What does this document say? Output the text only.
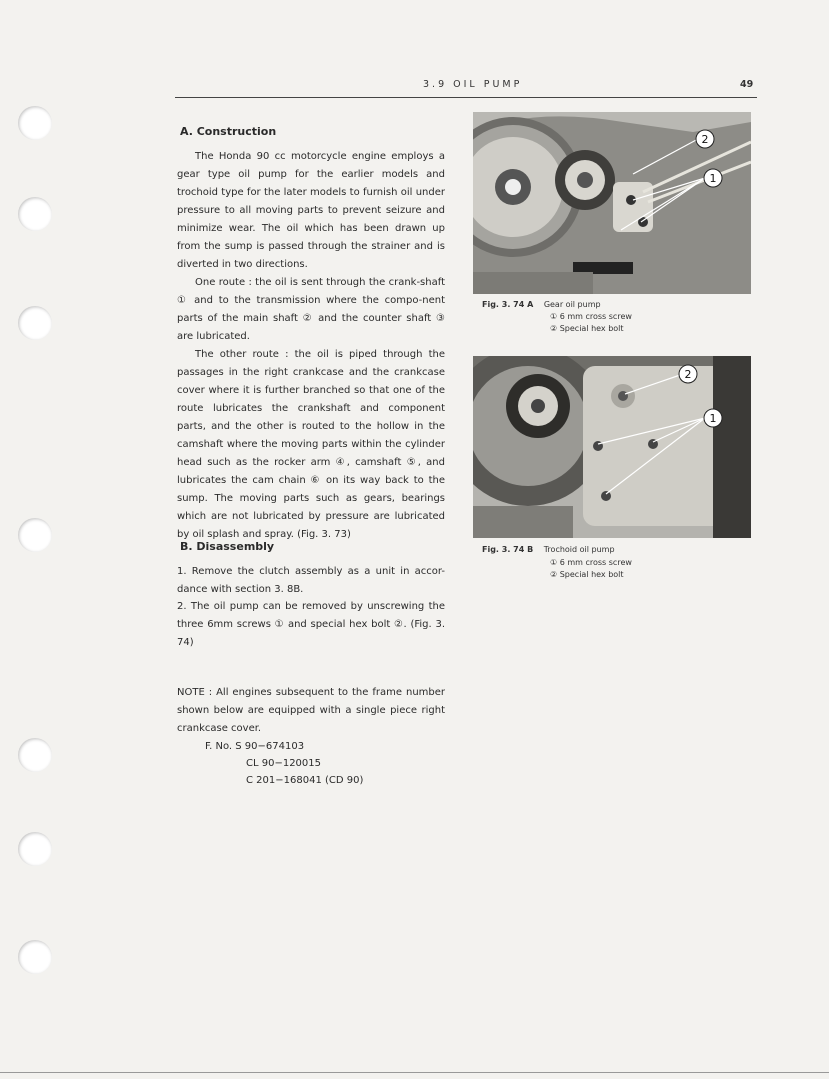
3.9 OIL PUMP	49
A. Construction

The Honda 90 cc motorcycle engine employs a gear type oil pump for the earlier models and trochoid type for the later models to furnish oil under pressure to all moving parts to prevent seizure and minimize wear. The oil which has been drawn up from the sump is passed through the strainer and is diverted in two directions.

One route : the oil is sent through the crank-shaft ① and to the transmission where the compo-nent parts of the main shaft ② and the counter shaft ③ are lubricated.

The other route : the oil is piped through the passages in the right crankcase and the crankcase cover where it is further branched so that one of the route lubricates the crankshaft and component parts, and the other is routed to the hollow in the camshaft where the moving parts within the cylinder head such as the rocker arm ④, camshaft ⑤, and lubricates the cam chain ⑥ on its way back to the sump. The moving parts such as gears, bearings which are not lubricated by pressure are lubricated by oil splash and spray. (Fig. 3. 73)

B. Disassembly
1. Remove the clutch assembly as a unit in accor-dance with section 3. 8B.
2. The oil pump can be removed by unscrewing the three 6mm screws ① and special hex bolt ②. (Fig. 3. 74)
NOTE : All engines subsequent to the frame number shown below are equipped with a single piece right crankcase cover.
F. No. S 90−674103
CL 90−120015
C 201−168041 (CD 90)
2
1
Fig. 3. 74 A Gear oil pump
① 6 mm cross screw
② Special hex bolt
2
1
Fig. 3. 74 B Trochoid oil pump
① 6 mm cross screw
② Special hex bolt
